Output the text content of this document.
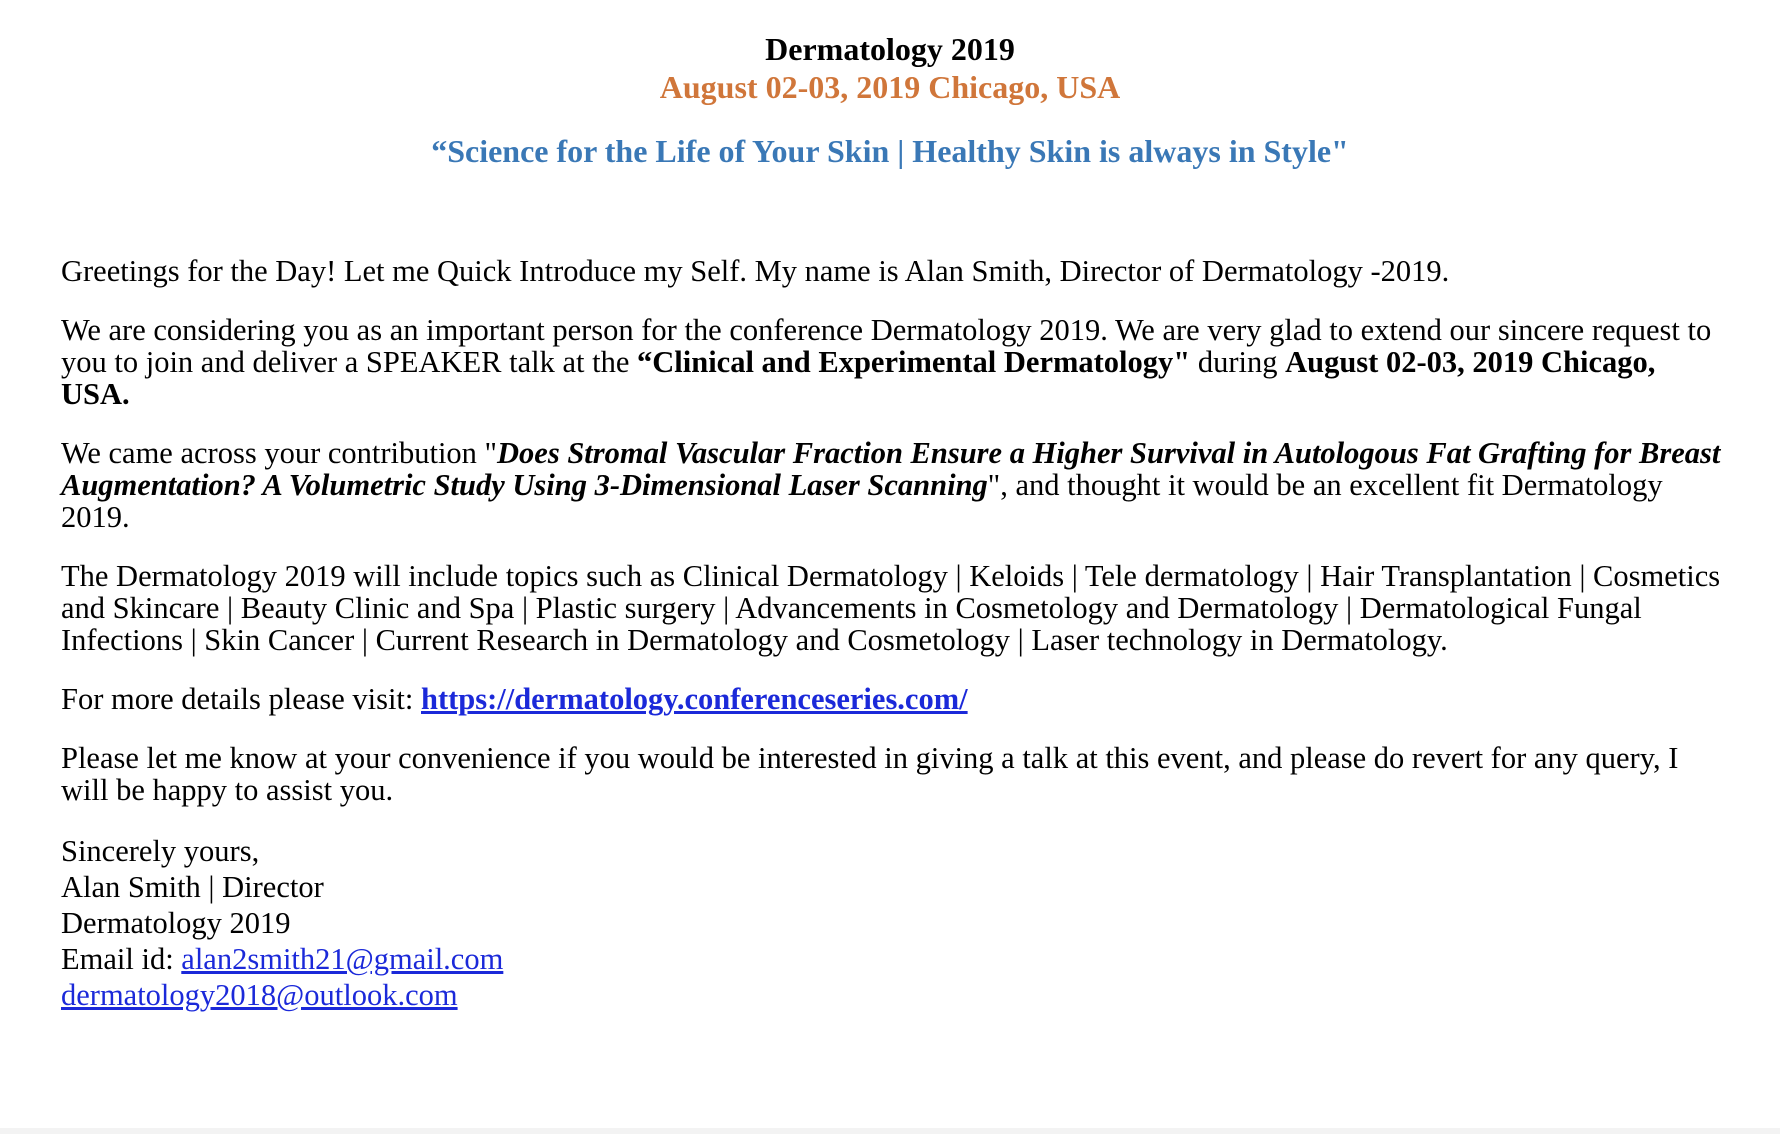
Dermatology 2019
August 02-03, 2019 Chicago, USA
“Science for the Life of Your Skin | Healthy Skin is always in Style"

Greetings for the Day! Let me Quick Introduce my Self. My name is Alan Smith, Director of Dermatology -2019.

We are considering you as an important person for the conference Dermatology 2019. We are very glad to extend our sincere request to you to join and deliver a SPEAKER talk at the “Clinical and Experimental Dermatology" during August 02-03, 2019 Chicago, USA.

We came across your contribution "Does Stromal Vascular Fraction Ensure a Higher Survival in Autologous Fat Grafting for Breast Augmentation? A Volumetric Study Using 3-Dimensional Laser Scanning", and thought it would be an excellent fit Dermatology 2019.

The Dermatology 2019 will include topics such as Clinical Dermatology | Keloids | Tele dermatology | Hair Transplantation | Cosmetics and Skincare | Beauty Clinic and Spa | Plastic surgery | Advancements in Cosmetology and Dermatology | Dermatological Fungal Infections | Skin Cancer | Current Research in Dermatology and Cosmetology | Laser technology in Dermatology.

For more details please visit: https://dermatology.conferenceseries.com/

Please let me know at your convenience if you would be interested in giving a talk at this event, and please do revert for any query, I will be happy to assist you.

Sincerely yours,
Alan Smith | Director
Dermatology 2019
Email id: alan2smith21@gmail.com
dermatology2018@outlook.com
